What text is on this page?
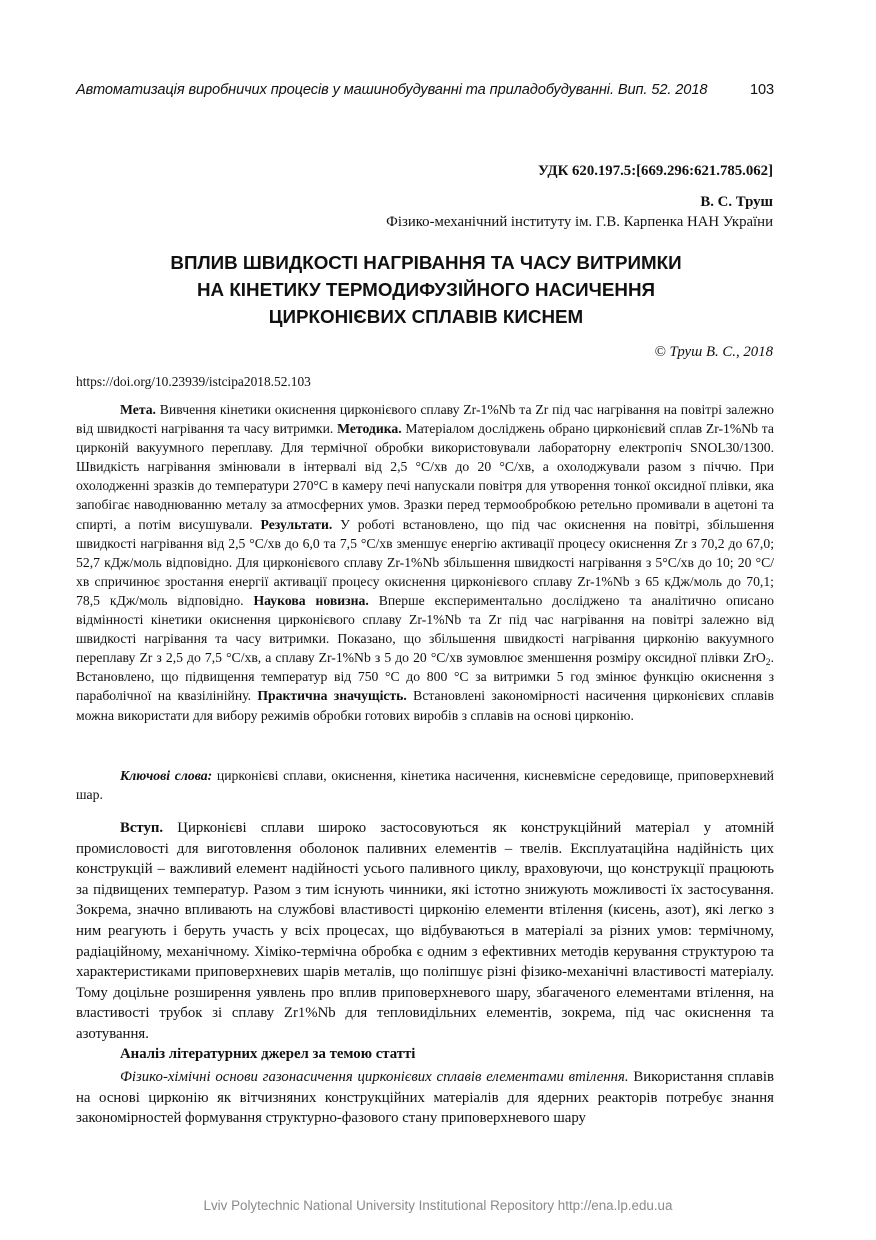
Автоматизація виробничих процесів у машинобудуванні та приладобудуванні. Вип. 52. 2018	103
УДК 620.197.5:[669.296:621.785.062]
В. С. Труш
Фізико-механічний інституту ім. Г.В. Карпенка НАН України
ВПЛИВ ШВИДКОСТІ НАГРІВАННЯ ТА ЧАСУ ВИТРИМКИ
НА КІНЕТИКУ ТЕРМОДИФУЗІЙНОГО НАСИЧЕННЯ
ЦИРКОНІЄВИХ СПЛАВІВ КИСНЕМ
© Труш В. С., 2018
https://doi.org/10.23939/istcipa2018.52.103
Мета. Вивчення кінетики окиснення цирконієвого сплаву Zr-1%Nb та Zr під час нагрівання на повітрі залежно від швидкості нагрівання та часу витримки. Методика. Матеріалом досліджень обрано цирконієвий сплав Zr-1%Nb та цирконій вакуумного переплаву. Для термічної обробки використовували лабораторну електропіч SNOL30/1300. Швидкість нагрівання змінювали в інтервалі від 2,5 °С/хв до 20 °С/хв, а охолоджували разом з піччю. При охолодженні зразків до температури 270°С в камеру печі напускали повітря для утворення тонкої оксидної плівки, яка запобігає наводнюванню металу за атмосферних умов. Зразки перед термообробкою ретельно промивали в ацетоні та спирті, а потім висушували. Результати. У роботі встановлено, що під час окиснення на повітрі, збільшення швидкості нагрівання від 2,5 °С/хв до 6,0 та 7,5 °С/хв зменшує енергію активації процесу окиснення Zr з 70,2 до 67,0; 52,7 кДж/моль відповідно. Для цирконієвого сплаву Zr-1%Nb збільшення швидкості нагрівання з 5°С/хв до 10; 20 °С/хв спричинює зростання енергії активації процесу окиснення цирконієвого сплаву Zr-1%Nb з 65 кДж/моль до 70,1; 78,5 кДж/моль відповідно. Наукова новизна. Вперше експериментально досліджено та аналітично описано відмінності кінетики окиснення цирконієвого сплаву Zr-1%Nb та Zr під час нагрівання на повітрі залежно від швидкості нагрівання та часу витримки. Показано, що збільшення швидкості нагрівання цирконію вакуумного переплаву Zr з 2,5 до 7,5 °С/хв, а сплаву Zr-1%Nb з 5 до 20 °С/хв зумовлює зменшення розміру оксидної плівки ZrO$_2$. Встановлено, що підвищення температур від 750 °С до 800 °С за витримки 5 год змінює функцію окиснення з параболічної на квазілінійну. Практична значущість. Встановлені закономірності насичення цирконієвих сплавів можна використати для вибору режимів обробки готових виробів з сплавів на основі цирконію.
Ключові слова: цирконієві сплави, окиснення, кінетика насичення, кисневмісне середовище, приповерхневий шар.
Вступ. Цирконієві сплави широко застосовуються як конструкційний матеріал у атомній промисловості для виготовлення оболонок паливних елементів – твелів. Експлуатаційна надійність цих конструкцій – важливий елемент надійності усього паливного циклу, враховуючи, що конструкції працюють за підвищених температур. Разом з тим існують чинники, які істотно знижують можливості їх застосування. Зокрема, значно впливають на службові властивості цирконію елементи втілення (кисень, азот), які легко з ним реагують і беруть участь у всіх процесах, що відбуваються в матеріалі за різних умов: термічному, радіаційному, механічному. Хіміко-термічна обробка є одним з ефективних методів керування структурою та характеристиками приповерхневих шарів металів, що поліпшує різні фізико-механічні властивості матеріалу. Тому доцільне розширення уявлень про вплив приповерхневого шару, збагаченого елементами втілення, на властивості трубок зі сплаву Zr1%Nb для тепловидільних елементів, зокрема, під час окиснення та азотування.
Аналіз літературних джерел за темою статті
Фізико-хімічні основи газонасичення цирконієвих сплавів елементами втілення. Використання сплавів на основі цирконію як вітчизняних конструкційних матеріалів для ядерних реакторів потребує знання закономірностей формування структурно-фазового стану приповерхневого шару
Lviv Polytechnic National University Institutional Repository http://ena.lp.edu.ua
